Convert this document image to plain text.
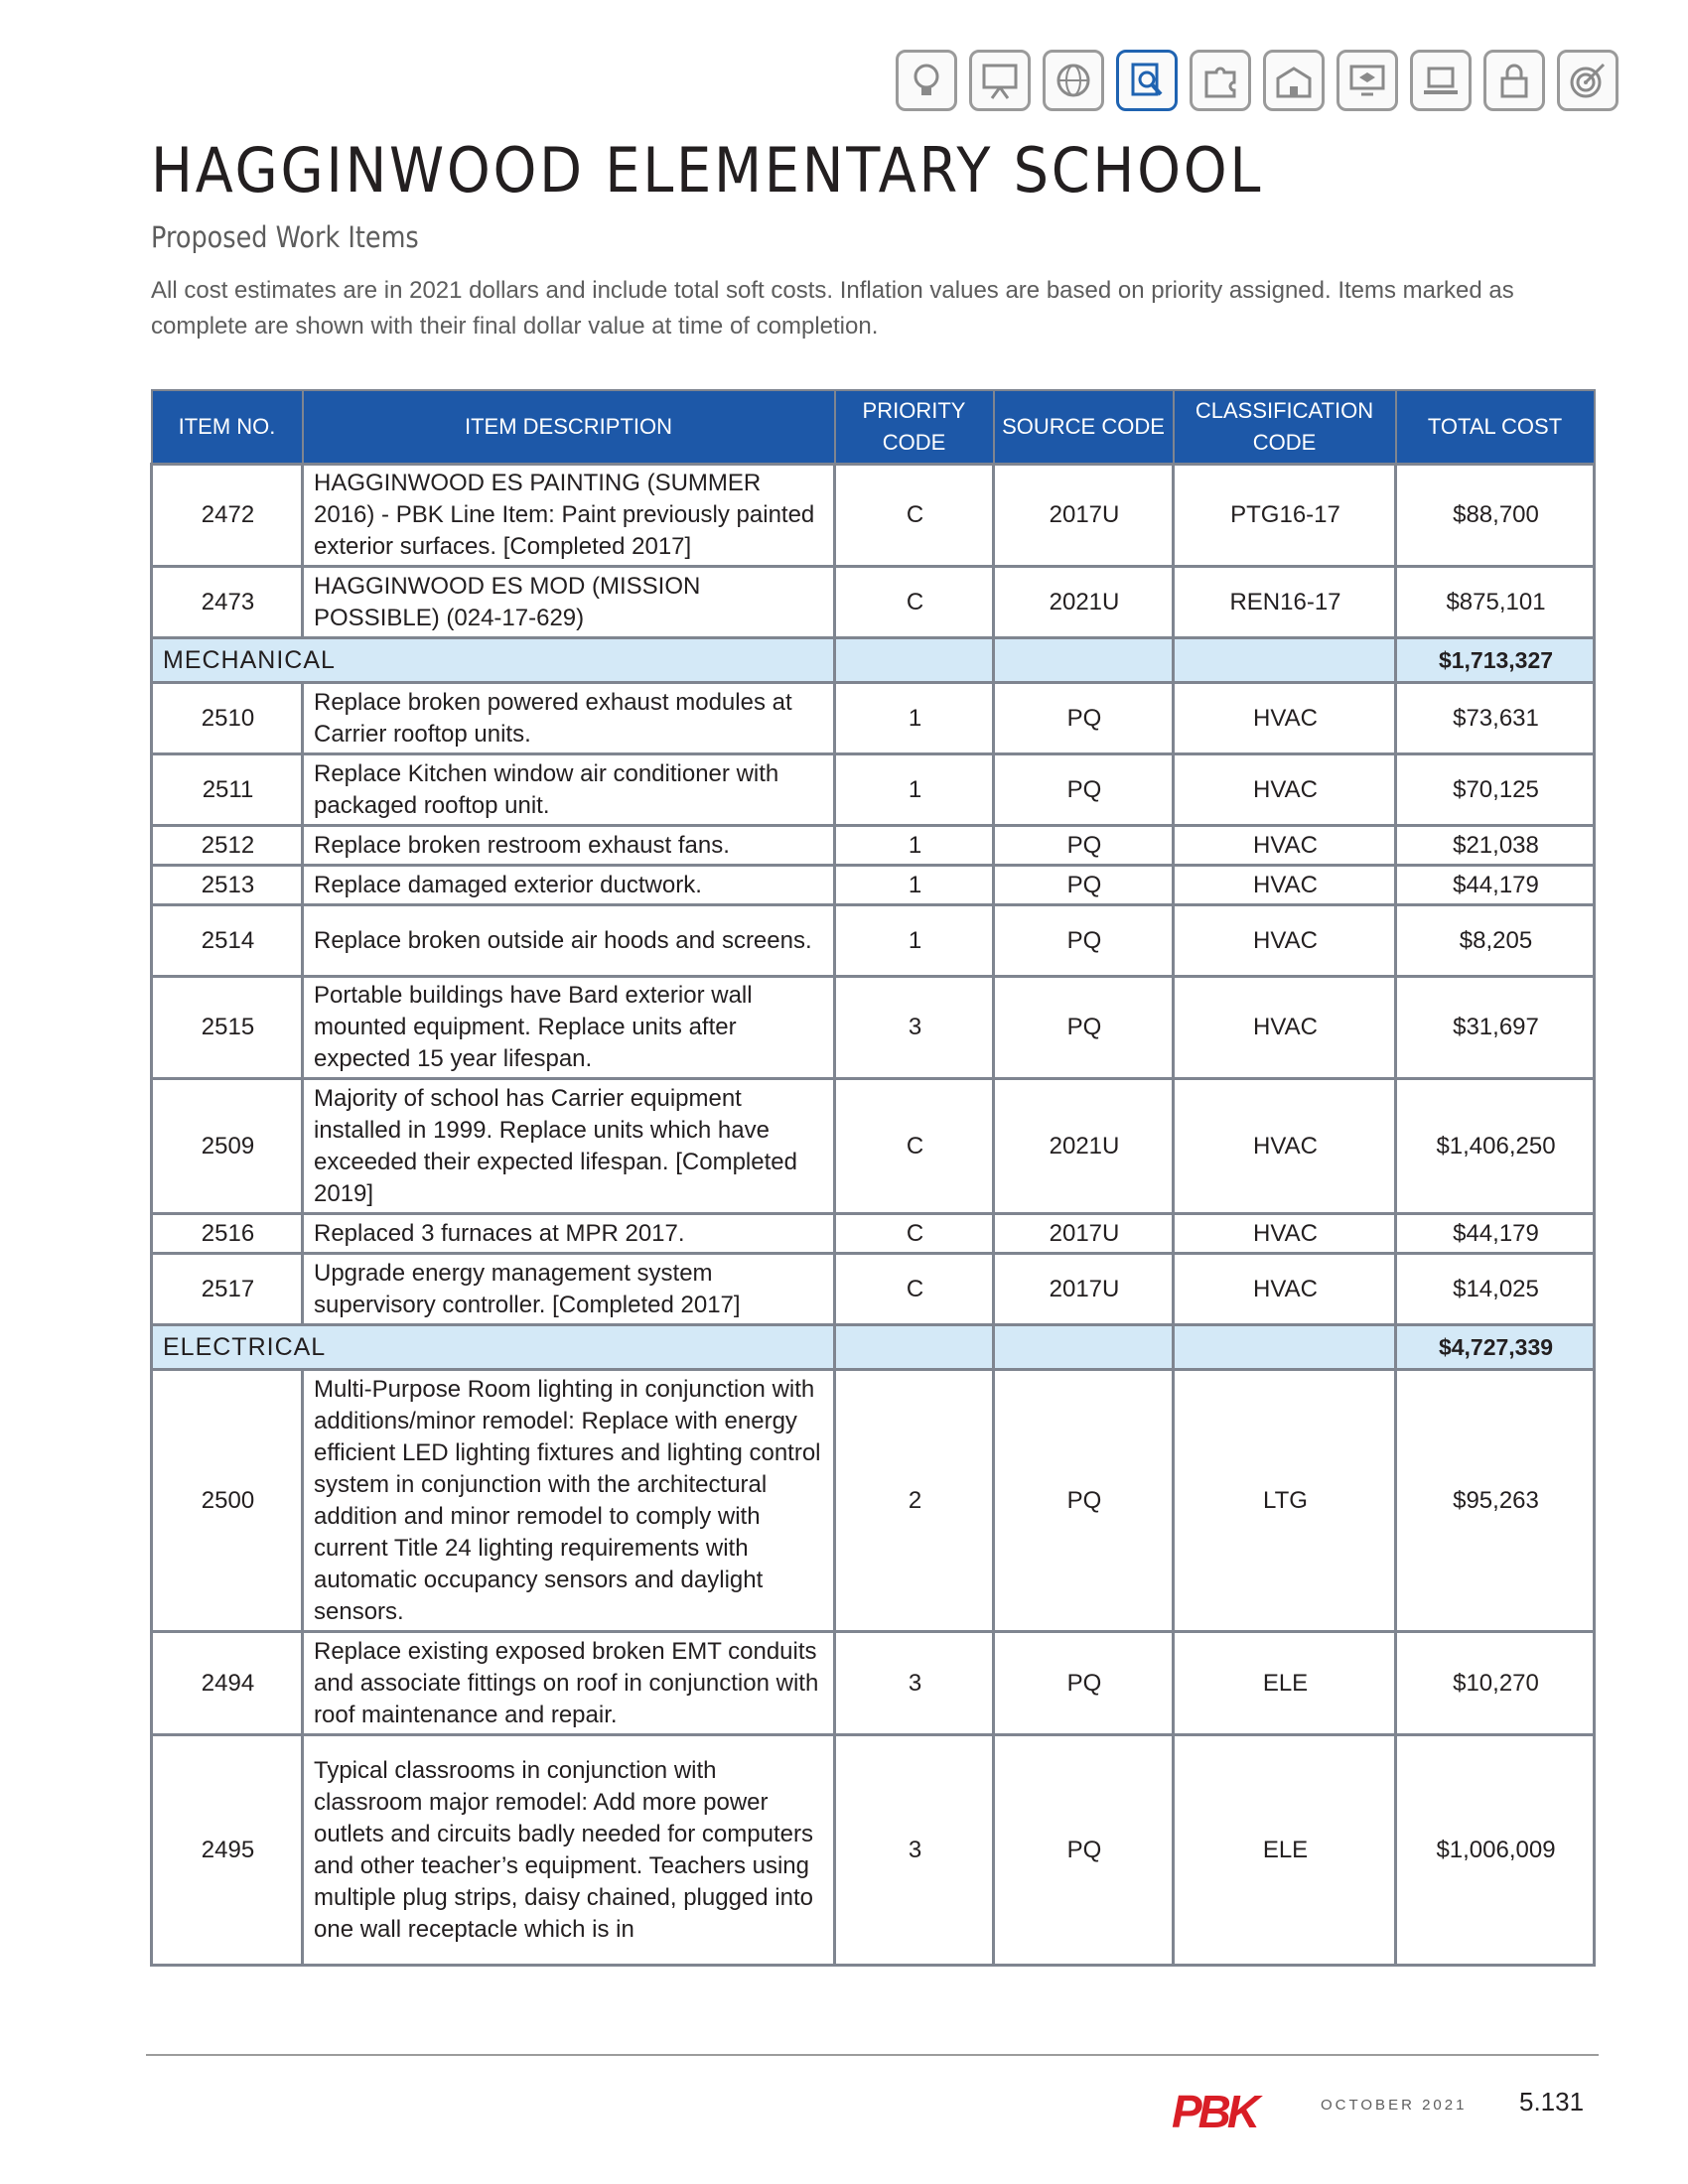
HAGGINWOOD ELEMENTARY SCHOOL

Proposed Work Items

All cost estimates are in 2021 dollars and include total soft costs. Inflation values are based on priority assigned. Items marked as complete are shown with their final dollar value at time of completion.

ITEM NO.	ITEM DESCRIPTION	PRIORITY CODE	SOURCE CODE	CLASSIFICATION CODE	TOTAL COST
2472	HAGGINWOOD ES PAINTING (SUMMER 2016) - PBK Line Item: Paint previously painted exterior surfaces. [Completed 2017]	C	2017U	PTG16-17	$88,700
2473	HAGGINWOOD ES MOD (MISSION POSSIBLE) (024-17-629)	C	2021U	REN16-17	$875,101
MECHANICAL					$1,713,327
2510	Replace broken powered exhaust modules at Carrier rooftop units.	1	PQ	HVAC	$73,631
2511	Replace Kitchen window air conditioner with packaged rooftop unit.	1	PQ	HVAC	$70,125
2512	Replace broken restroom exhaust fans.	1	PQ	HVAC	$21,038
2513	Replace damaged exterior ductwork.	1	PQ	HVAC	$44,179
2514	Replace broken outside air hoods and screens.	1	PQ	HVAC	$8,205
2515	Portable buildings have Bard exterior wall mounted equipment. Replace units after expected 15 year lifespan.	3	PQ	HVAC	$31,697
2509	Majority of school has Carrier equipment installed in 1999. Replace units which have exceeded their expected lifespan. [Completed 2019]	C	2021U	HVAC	$1,406,250
2516	Replaced 3 furnaces at MPR 2017.	C	2017U	HVAC	$44,179
2517	Upgrade energy management system supervisory controller. [Completed 2017]	C	2017U	HVAC	$14,025
ELECTRICAL					$4,727,339
2500	Multi-Purpose Room lighting in conjunction with additions/minor remodel: Replace with energy efficient LED lighting fixtures and lighting control system in conjunction with the architectural addition and minor remodel to comply with current Title 24 lighting requirements with automatic occupancy sensors and daylight sensors.	2	PQ	LTG	$95,263
2494	Replace existing exposed broken EMT conduits and associate fittings on roof in conjunction with roof maintenance and repair.	3	PQ	ELE	$10,270
2495	Typical classrooms in conjunction with classroom major remodel: Add more power outlets and circuits badly needed for computers and other teacher’s equipment. Teachers using multiple plug strips, daisy chained, plugged into one wall receptacle which is in	3	PQ	ELE	$1,006,009
PBK	OCTOBER 2021 5.131
